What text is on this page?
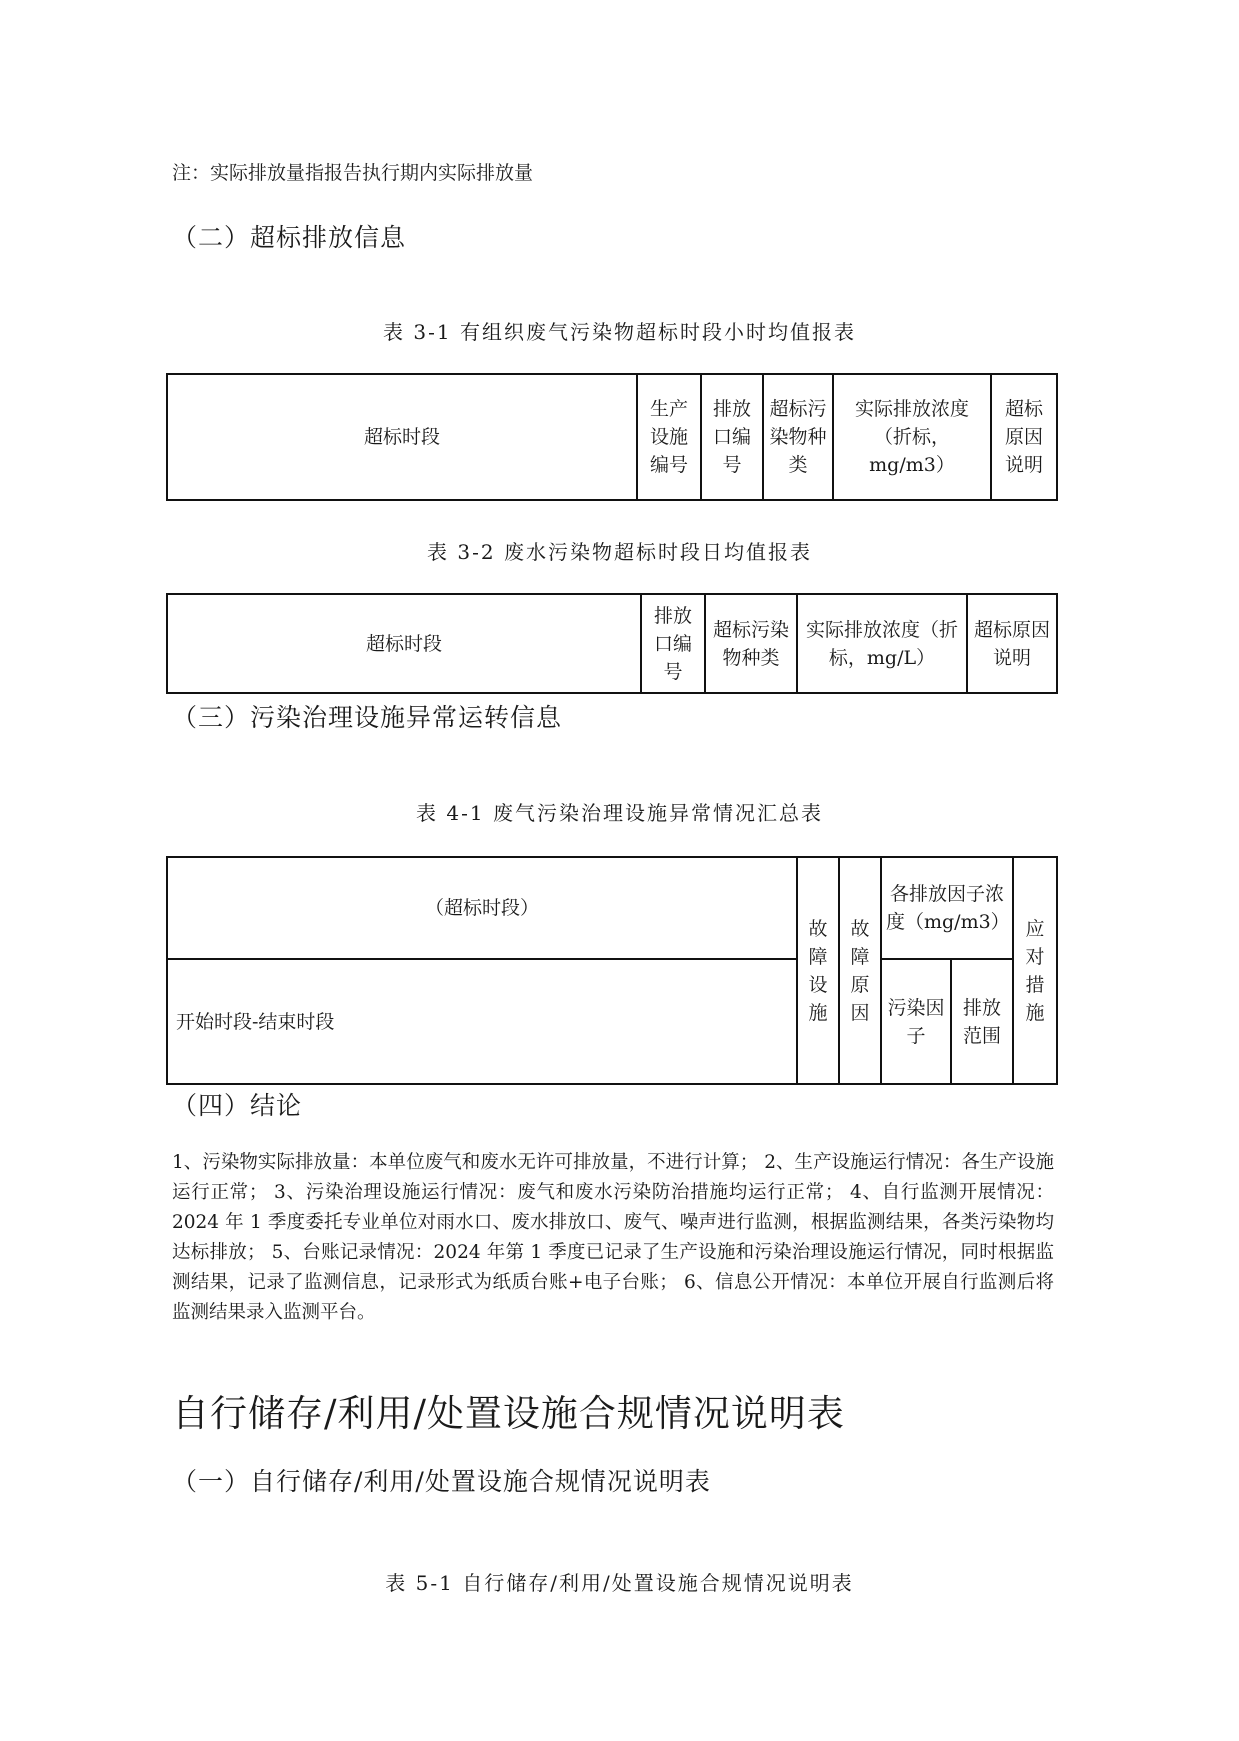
注：实际排放量指报告执行期内实际排放量
（二）超标排放信息
表 3-1 有组织废气污染物超标时段小时均值报表
超标时段	生产设施编号	排放口编号	超标污染物种类	实际排放浓度（折标，mg/m3）	超标原因说明
表 3-2 废水污染物超标时段日均值报表
超标时段	排放口编号	超标污染物种类	实际排放浓度（折标，mg/L）	超标原因说明
（三）污染治理设施异常运转信息
表 4-1 废气污染治理设施异常情况汇总表
（超标时段）	故障设施	故障原因	各排放因子浓度（mg/m3）		应对措施
开始时段-结束时段			污染因子	排放范围	
（四）结论
1、污染物实际排放量：本单位废气和废水无许可排放量，不进行计算； 2、生产设施运行情况：各生产设施运行正常； 3、污染治理设施运行情况：废气和废水污染防治措施均运行正常； 4、自行监测开展情况：2024 年 1 季度委托专业单位对雨水口、废水排放口、废气、噪声进行监测，根据监测结果，各类污染物均达标排放； 5、台账记录情况：2024 年第 1 季度已记录了生产设施和污染治理设施运行情况，同时根据监测结果，记录了监测信息，记录形式为纸质台账+电子台账； 6、信息公开情况：本单位开展自行监测后将监测结果录入监测平台。
自行储存/利用/处置设施合规情况说明表
（一）自行储存/利用/处置设施合规情况说明表
表 5-1 自行储存/利用/处置设施合规情况说明表
